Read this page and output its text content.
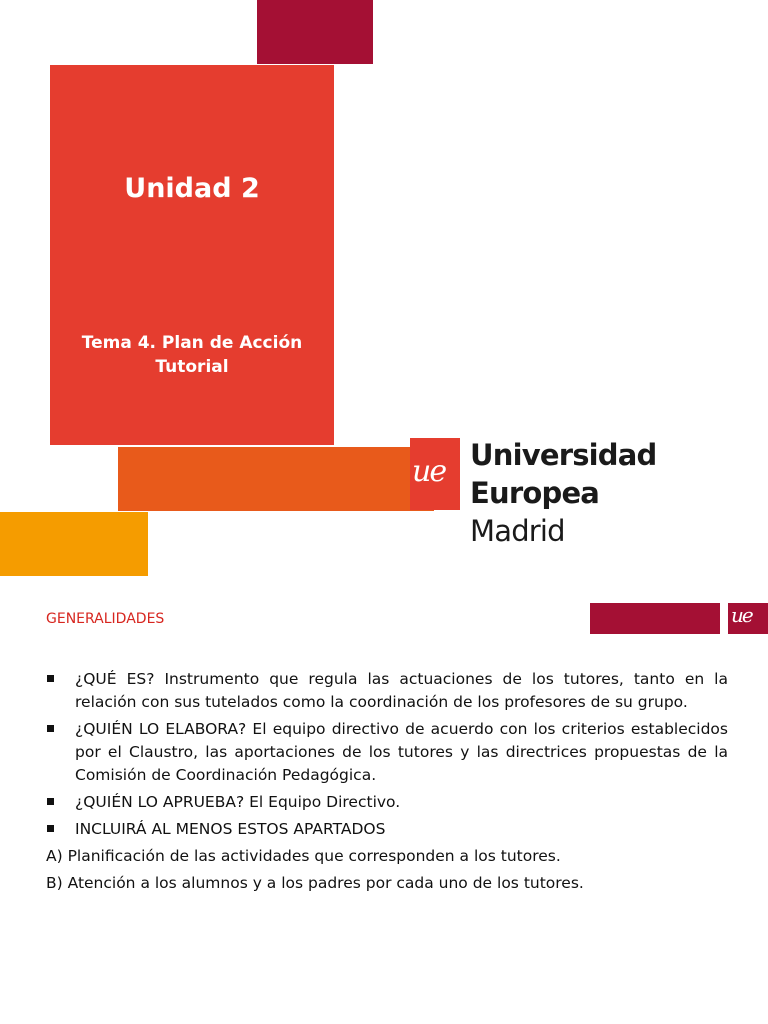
Unidad 2
Tema 4. Plan de Acción Tutorial
ue Universidad
Europea Madrid
GENERALIDADES	ue
¿QUÉ ES? Instrumento que regula las actuaciones de los tutores, tanto en la relación con sus tutelados como la coordinación de los profesores de su grupo.
¿QUIÉN LO ELABORA? El equipo directivo de acuerdo con los criterios establecidos por el Claustro, las aportaciones de los tutores y las directrices propuestas de la Comisión de Coordinación Pedagógica.
¿QUIÉN LO APRUEBA? El Equipo Directivo.
INCLUIRÁ AL MENOS ESTOS APARTADOS
A) Planificación de las actividades que corresponden a los tutores.
B) Atención a los alumnos y a los padres por cada uno de los tutores.
